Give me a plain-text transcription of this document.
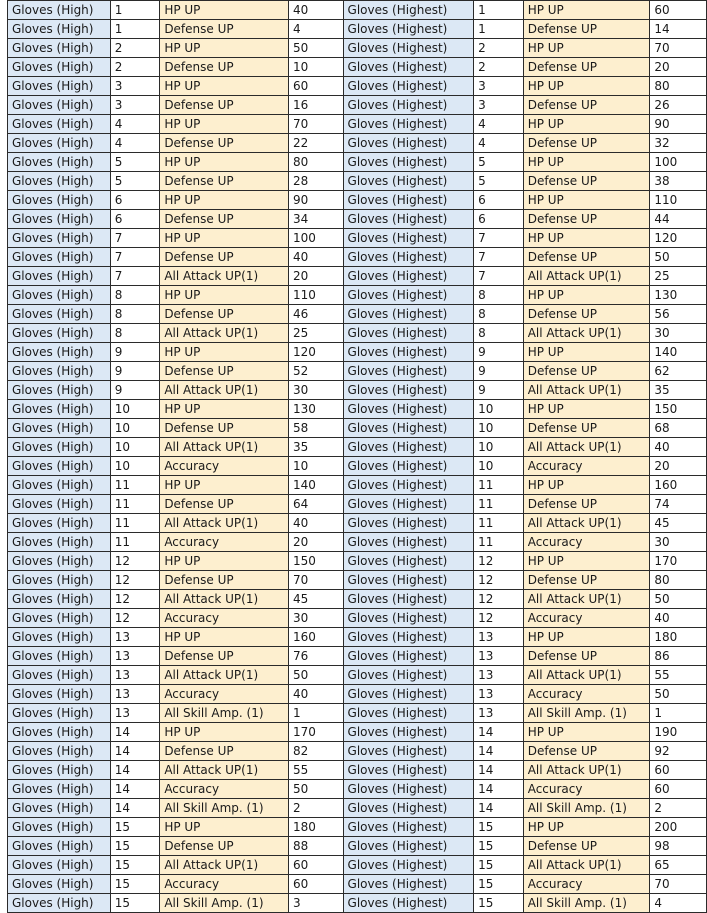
Gloves (High)	1	HP UP	40	Gloves (Highest)	1	HP UP	60
Gloves (High)	1	Defense UP	4	Gloves (Highest)	1	Defense UP	14
Gloves (High)	2	HP UP	50	Gloves (Highest)	2	HP UP	70
Gloves (High)	2	Defense UP	10	Gloves (Highest)	2	Defense UP	20
Gloves (High)	3	HP UP	60	Gloves (Highest)	3	HP UP	80
Gloves (High)	3	Defense UP	16	Gloves (Highest)	3	Defense UP	26
Gloves (High)	4	HP UP	70	Gloves (Highest)	4	HP UP	90
Gloves (High)	4	Defense UP	22	Gloves (Highest)	4	Defense UP	32
Gloves (High)	5	HP UP	80	Gloves (Highest)	5	HP UP	100
Gloves (High)	5	Defense UP	28	Gloves (Highest)	5	Defense UP	38
Gloves (High)	6	HP UP	90	Gloves (Highest)	6	HP UP	110
Gloves (High)	6	Defense UP	34	Gloves (Highest)	6	Defense UP	44
Gloves (High)	7	HP UP	100	Gloves (Highest)	7	HP UP	120
Gloves (High)	7	Defense UP	40	Gloves (Highest)	7	Defense UP	50
Gloves (High)	7	All Attack UP(1)	20	Gloves (Highest)	7	All Attack UP(1)	25
Gloves (High)	8	HP UP	110	Gloves (Highest)	8	HP UP	130
Gloves (High)	8	Defense UP	46	Gloves (Highest)	8	Defense UP	56
Gloves (High)	8	All Attack UP(1)	25	Gloves (Highest)	8	All Attack UP(1)	30
Gloves (High)	9	HP UP	120	Gloves (Highest)	9	HP UP	140
Gloves (High)	9	Defense UP	52	Gloves (Highest)	9	Defense UP	62
Gloves (High)	9	All Attack UP(1)	30	Gloves (Highest)	9	All Attack UP(1)	35
Gloves (High)	10	HP UP	130	Gloves (Highest)	10	HP UP	150
Gloves (High)	10	Defense UP	58	Gloves (Highest)	10	Defense UP	68
Gloves (High)	10	All Attack UP(1)	35	Gloves (Highest)	10	All Attack UP(1)	40
Gloves (High)	10	Accuracy	10	Gloves (Highest)	10	Accuracy	20
Gloves (High)	11	HP UP	140	Gloves (Highest)	11	HP UP	160
Gloves (High)	11	Defense UP	64	Gloves (Highest)	11	Defense UP	74
Gloves (High)	11	All Attack UP(1)	40	Gloves (Highest)	11	All Attack UP(1)	45
Gloves (High)	11	Accuracy	20	Gloves (Highest)	11	Accuracy	30
Gloves (High)	12	HP UP	150	Gloves (Highest)	12	HP UP	170
Gloves (High)	12	Defense UP	70	Gloves (Highest)	12	Defense UP	80
Gloves (High)	12	All Attack UP(1)	45	Gloves (Highest)	12	All Attack UP(1)	50
Gloves (High)	12	Accuracy	30	Gloves (Highest)	12	Accuracy	40
Gloves (High)	13	HP UP	160	Gloves (Highest)	13	HP UP	180
Gloves (High)	13	Defense UP	76	Gloves (Highest)	13	Defense UP	86
Gloves (High)	13	All Attack UP(1)	50	Gloves (Highest)	13	All Attack UP(1)	55
Gloves (High)	13	Accuracy	40	Gloves (Highest)	13	Accuracy	50
Gloves (High)	13	All Skill Amp. (1)	1	Gloves (Highest)	13	All Skill Amp. (1)	1
Gloves (High)	14	HP UP	170	Gloves (Highest)	14	HP UP	190
Gloves (High)	14	Defense UP	82	Gloves (Highest)	14	Defense UP	92
Gloves (High)	14	All Attack UP(1)	55	Gloves (Highest)	14	All Attack UP(1)	60
Gloves (High)	14	Accuracy	50	Gloves (Highest)	14	Accuracy	60
Gloves (High)	14	All Skill Amp. (1)	2	Gloves (Highest)	14	All Skill Amp. (1)	2
Gloves (High)	15	HP UP	180	Gloves (Highest)	15	HP UP	200
Gloves (High)	15	Defense UP	88	Gloves (Highest)	15	Defense UP	98
Gloves (High)	15	All Attack UP(1)	60	Gloves (Highest)	15	All Attack UP(1)	65
Gloves (High)	15	Accuracy	60	Gloves (Highest)	15	Accuracy	70
Gloves (High)	15	All Skill Amp. (1)	3	Gloves (Highest)	15	All Skill Amp. (1)	4
